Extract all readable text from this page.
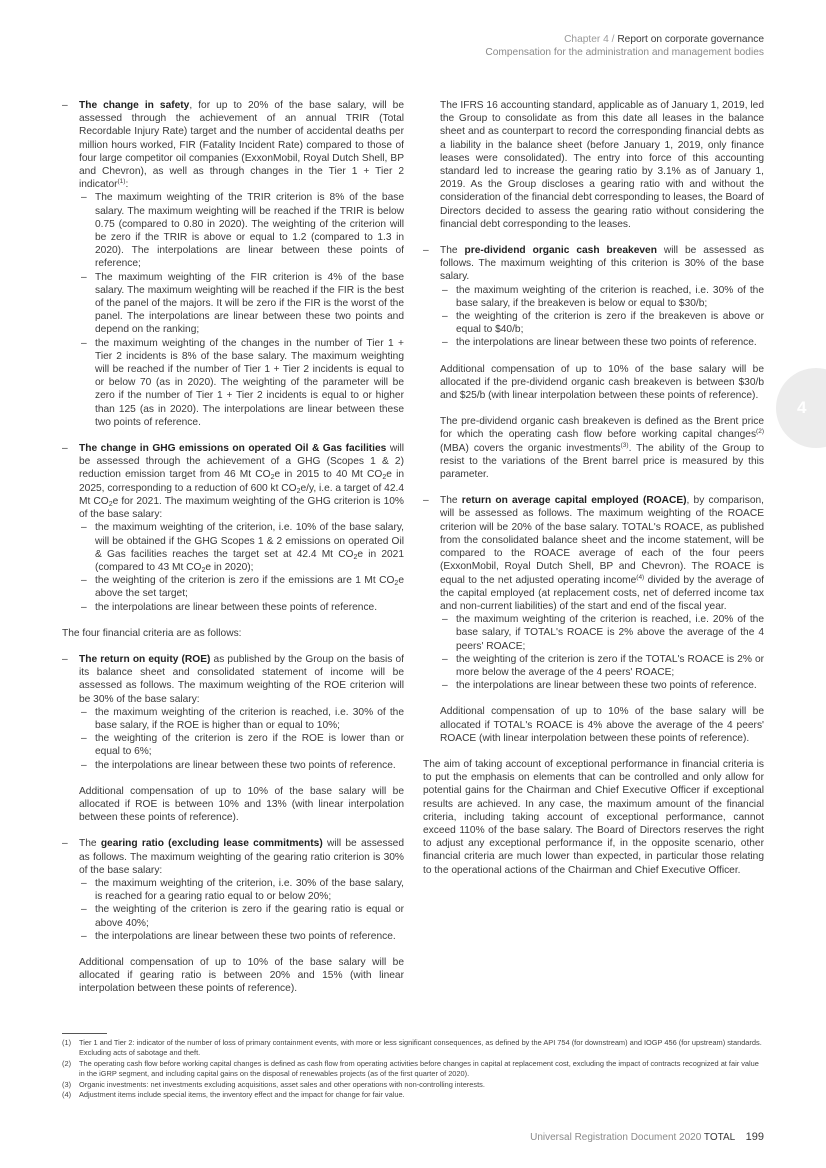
Chapter 4 / Report on corporate governance
Compensation for the administration and management bodies
4
– The change in safety, for up to 20% of the base salary, will be assessed through the achievement of an annual TRIR (Total Recordable Injury Rate) target and the number of accidental deaths per million hours worked, FIR (Fatality Incident Rate) compared to those of four large competitor oil companies (ExxonMobil, Royal Dutch Shell, BP and Chevron), as well as through changes in the Tier 1 + Tier 2 indicator$^{(1)}$:
– The maximum weighting of the TRIR criterion is 8% of the base salary. The maximum weighting will be reached if the TRIR is below 0.75 (compared to 0.80 in 2020). The weighting of the criterion will be zero if the TRIR is above or equal to 1.2 (compared to 1.3 in 2020). The interpolations are linear between these points of reference;
– The maximum weighting of the FIR criterion is 4% of the base salary. The maximum weighting will be reached if the FIR is the best of the panel of the majors. It will be zero if the FIR is the worst of the panel. The interpolations are linear between these two points and depend on the ranking;
– the maximum weighting of the changes in the number of Tier 1 + Tier 2 incidents is 8% of the base salary. The maximum weighting will be reached if the number of Tier 1 + Tier 2 incidents is equal to or below 70 (as in 2020). The weighting of the parameter will be zero if the number of Tier 1 + Tier 2 incidents is equal to or higher than 125 (as in 2020). The interpolations are linear between these two points of reference.
– The change in GHG emissions on operated Oil & Gas facilities will be assessed through the achievement of a GHG (Scopes 1 & 2) reduction emission target from 46 Mt $CO_2e$ in 2015 to 40 Mt $CO_2e$ in 2025, corresponding to a reduction of 600 kt $CO_2e/y$, i.e. a target of 42.4 Mt $CO_2e$ for 2021. The maximum weighting of the GHG criterion is 10% of the base salary:
– the maximum weighting of the criterion, i.e. 10% of the base salary, will be obtained if the GHG Scopes 1 & 2 emissions on operated Oil & Gas facilities reaches the target set at 42.4 Mt $CO_2e$ in 2021 (compared to 43 Mt $CO_2e$ in 2020);
– the weighting of the criterion is zero if the emissions are 1 Mt $CO_2e$ above the set target;
– the interpolations are linear between these points of reference.
The four financial criteria are as follows:
– The return on equity (ROE) as published by the Group on the basis of its balance sheet and consolidated statement of income will be assessed as follows. The maximum weighting of the ROE criterion will be 30% of the base salary:
– the maximum weighting of the criterion is reached, i.e. 30% of the base salary, if the ROE is higher than or equal to 10%;
– the weighting of the criterion is zero if the ROE is lower than or equal to 6%;
– the interpolations are linear between these two points of reference.
Additional compensation of up to 10% of the base salary will be allocated if ROE is between 10% and 13% (with linear interpolation between these points of reference).
– The gearing ratio (excluding lease commitments) will be assessed as follows. The maximum weighting of the gearing ratio criterion is 30% of the base salary:
– the maximum weighting of the criterion, i.e. 30% of the base salary, is reached for a gearing ratio equal to or below 20%;
– the weighting of the criterion is zero if the gearing ratio is equal or above 40%;
– the interpolations are linear between these two points of reference.
Additional compensation of up to 10% of the base salary will be allocated if gearing ratio is between 20% and 15% (with linear interpolation between these points of reference).
The IFRS 16 accounting standard, applicable as of January 1, 2019, led the Group to consolidate as from this date all leases in the balance sheet and as counterpart to record the corresponding financial debts as a liability in the balance sheet (before January 1, 2019, only finance leases were consolidated). The entry into force of this accounting standard led to increase the gearing ratio by 3.1% as of January 1, 2019. As the Group discloses a gearing ratio with and without the consideration of the financial debt corresponding to leases, the Board of Directors decided to assess the gearing ratio without considering the financial debt corresponding to the leases.
– The pre-dividend organic cash breakeven will be assessed as follows. The maximum weighting of this criterion is 30% of the base salary.
– the maximum weighting of the criterion is reached, i.e. 30% of the base salary, if the breakeven is below or equal to $30/b;
– the weighting of the criterion is zero if the breakeven is above or equal to $40/b;
– the interpolations are linear between these two points of reference.
Additional compensation of up to 10% of the base salary will be allocated if the pre-dividend organic cash breakeven is between $30/b and $25/b (with linear interpolation between these points of reference).
The pre-dividend organic cash breakeven is defined as the Brent price for which the operating cash flow before working capital changes$^{(2)}$ (MBA) covers the organic investments$^{(3)}$. The ability of the Group to resist to the variations of the Brent barrel price is measured by this parameter.
– The return on average capital employed (ROACE), by comparison, will be assessed as follows. The maximum weighting of the ROACE criterion will be 20% of the base salary. TOTAL's ROACE, as published from the consolidated balance sheet and the income statement, will be compared to the ROACE average of each of the four peers (ExxonMobil, Royal Dutch Shell, BP and Chevron). The ROACE is equal to the net adjusted operating income$^{(4)}$ divided by the average of the capital employed (at replacement costs, net of deferred income tax and non-current liabilities) of the start and end of the fiscal year.
– the maximum weighting of the criterion is reached, i.e. 20% of the base salary, if TOTAL's ROACE is 2% above the average of the 4 peers' ROACE;
– the weighting of the criterion is zero if the TOTAL's ROACE is 2% or more below the average of the 4 peers' ROACE;
– the interpolations are linear between these two points of reference.
Additional compensation of up to 10% of the base salary will be allocated if TOTAL's ROACE is 4% above the average of the 4 peers' ROACE (with linear interpolation between these points of reference).
The aim of taking account of exceptional performance in financial criteria is to put the emphasis on elements that can be controlled and only allow for potential gains for the Chairman and Chief Executive Officer if exceptional results are achieved. In any case, the maximum amount of the financial criteria, including taking account of exceptional performance, cannot exceed 110% of the base salary. The Board of Directors reserves the right to adjust any exceptional performance if, in the opposite scenario, other financial criteria are much lower than expected, in particular those relating to the operational actions of the Chairman and Chief Executive Officer.
(1) Tier 1 and Tier 2: indicator of the number of loss of primary containment events, with more or less significant consequences, as defined by the API 754 (for downstream) and IOGP 456 (for upstream) standards. Excluding acts of sabotage and theft.
(2) The operating cash flow before working capital changes is defined as cash flow from operating activities before changes in capital at replacement cost, excluding the impact of contracts recognized at fair value in the iGRP segment, and including capital gains on the disposal of renewables projects (as of the first quarter of 2020).
(3) Organic investments: net investments excluding acquisitions, asset sales and other operations with non-controlling interests.
(4) Adjustment items include special items, the inventory effect and the impact for change for fair value.
Universal Registration Document 2020 TOTAL 199
